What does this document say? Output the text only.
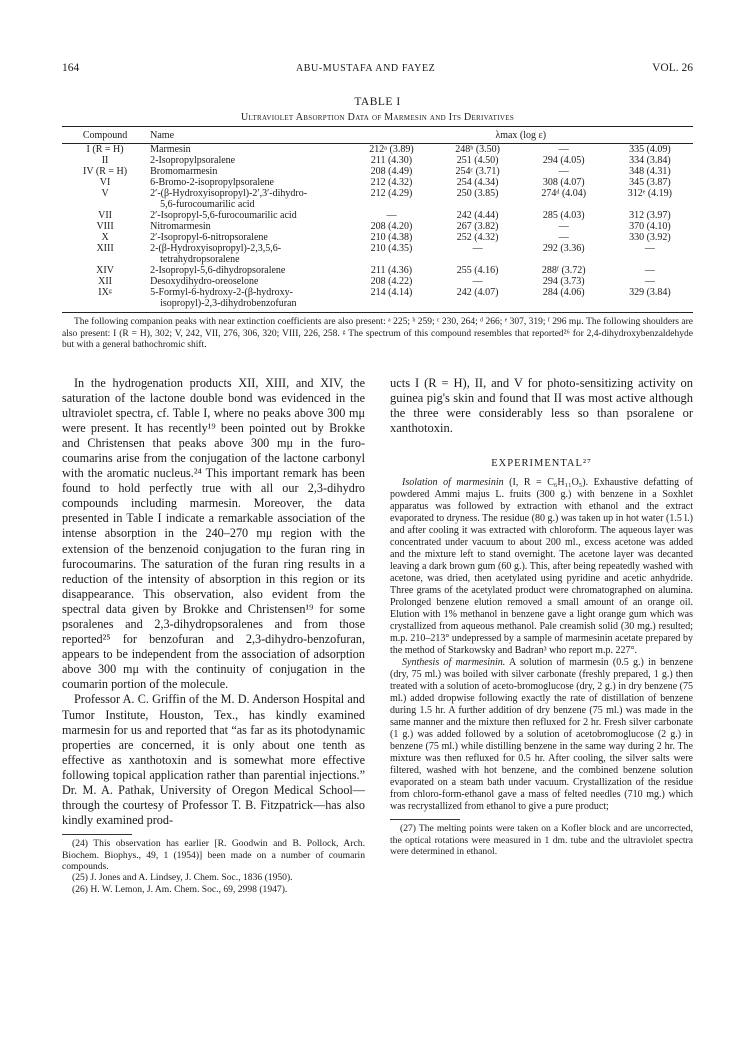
164	ABU-MUSTAFA AND FAYEZ	VOL. 26
TABLE I
Ultraviolet Absorption Data of Marmesin and Its Derivatives
Compound	Name	λmax (log ε)			
I (R = H)	Marmesin	212ᵃ (3.89)	248ᵇ (3.50)	—	335 (4.09)
II	2-Isopropylpsoralene	211 (4.30)	251 (4.50)	294 (4.05)	334 (3.84)
IV (R = H)	Bromomarmesin	208 (4.49)	254ᶜ (3.71)	—	348 (4.31)
VI	6-Bromo-2-isopropylpsoralene	212 (4.32)	254 (4.34)	308 (4.07)	345 (3.87)
V	2′-(β-Hydroxyisopropyl)-2′,3′-dihydro-
5,6-furocoumarilic acid	212 (4.29)	250 (3.85)	274ᵈ (4.04)	312ᵉ (4.19)
VII	2′-Isopropyl-5,6-furocoumarilic acid	—	242 (4.44)	285 (4.03)	312 (3.97)
VIII	Nitromarmesin	208 (4.20)	267 (3.82)	—	370 (4.10)
X	2′-Isopropyl-6-nitropsoralene	210 (4.38)	252 (4.32)	—	330 (3.92)
XIII	2-(β-Hydroxyisopropyl)-2,3,5,6-
tetrahydropsoralene	210 (4.35)	—	292 (3.36)	—
XIV	2-Isopropyl-5,6-dihydropsoralene	211 (4.36)	255 (4.16)	288ᶠ (3.72)	—
XII	Desoxydihydro-oreoselone	208 (4.22)	—	294 (3.73)	—
IXᵍ	5-Formyl-6-hydroxy-2-(β-hydroxy-
isopropyl)-2,3-dihydrobenzofuran	214 (4.14)	242 (4.07)	284 (4.06)	329 (3.84)
The following companion peaks with near extinction coefficients are also present: ᵃ 225; ᵇ 259; ᶜ 230, 264; ᵈ 266; ᵉ 307, 319; ᶠ 296 mμ. The following shoulders are also present: I (R = H), 302; V, 242, VII, 276, 306, 320; VIII, 226, 258. ᵍ The spectrum of this compound resembles that reported²⁶ for 2,4-dihydroxybenzaldehyde but with a general bathochromic shift.

In the hydrogenation products XII, XIII, and XIV, the saturation of the lactone double bond was evidenced in the ultraviolet spectra, cf. Table I, where no peaks above 300 mμ were present. It has recently¹⁹ been pointed out by Brokke and Christensen that peaks above 300 mμ in the furo-coumarins arise from the conjugation of the lactone carbonyl with the aromatic nucleus.²⁴ This important remark has been found to hold perfectly true with all our 2,3-dihydro compounds including marmesin. Moreover, the data presented in Table I indicate a remarkable association of the intense absorption in the 240–270 mμ region with the extension of the benzenoid conjugation to the furan ring in furocoumarins. The saturation of the furan ring results in a reduction of the intensity of absorption in this region or its disappearance. This observation, also evident from the spectral data given by Brokke and Christensen¹⁹ for some psoralenes and 2,3-dihydropsoralenes and from those reported²⁵ for benzofuran and 2,3-dihydro-benzofuran, appears to be independent from the association of adsorption above 300 mμ with the continuity of conjugation in the coumarin portion of the molecule.

Professor A. C. Griffin of the M. D. Anderson Hospital and Tumor Institute, Houston, Tex., has kindly examined marmesin for us and reported that “as far as its photodynamic properties are concerned, it is only about one tenth as effective as xanthotoxin and is somewhat more effective following topical application rather than parential injections.” Dr. M. A. Pathak, University of Oregon Medical School—through the courtesy of Professor T. B. Fitzpatrick—has also kindly examined prod-

(24) This observation has earlier [R. Goodwin and B. Pollock, Arch. Biochem. Biophys., 49, 1 (1954)] been made on a number of coumarin compounds.

(25) J. Jones and A. Lindsey, J. Chem. Soc., 1836 (1950).

(26) H. W. Lemon, J. Am. Chem. Soc., 69, 2998 (1947).

ucts I (R = H), II, and V for photo-sensitizing activity on guinea pig's skin and found that II was most active although the three were considerably less so than psoralene or xanthotoxin.

EXPERIMENTAL²⁷

Isolation of marmesinin (I, R = C₆H₁₁O₅). Exhaustive defatting of powdered Ammi majus L. fruits (300 g.) with benzene in a Soxhlet apparatus was followed by extraction with ethanol and the extract evaporated to dryness. The residue (80 g.) was taken up in hot water (1.5 l.) and after cooling it was extracted with chloroform. The aqueous layer was concentrated under vacuum to about 200 ml., excess acetone was added and the mixture left to stand overnight. The acetone layer was decanted leaving a dark brown gum (60 g.). This, after being repeatedly washed with acetone, was dried, then acetylated using pyridine and acetic anhydride. Three grams of the acetylated product were chromatographed on alumina. Prolonged benzene elution removed a small amount of an orange oil. Elution with 1% methanol in benzene gave a light orange gum which was crystallized from aqueous methanol. Pale creamish solid (30 mg.) resulted; m.p. 210–213° undepressed by a sample of marmesinin acetate prepared by the method of Starkowsky and Badran³ who report m.p. 227°.

Synthesis of marmesinin. A solution of marmesin (0.5 g.) in benzene (dry, 75 ml.) was boiled with silver carbonate (freshly prepared, 1 g.) then treated with a solution of aceto-bromoglucose (dry, 2 g.) in dry benzene (75 ml.) added dropwise following exactly the rate of distillation of benzene during 1.5 hr. A further addition of dry benzene (75 ml.) was made in the same manner and the mixture then refluxed for 2 hr. Fresh silver carbonate (1 g.) was added followed by a solution of acetobromoglucose (2 g.) in benzene (75 ml.) while distilling benzene in the same way during 2 hr. The mixture was then refluxed for 0.5 hr. After cooling, the silver salts were filtered, washed with hot benzene, and the combined benzene solution evaporated on a steam bath under vacuum. Crystallization of the residue from chloro-form-ethanol gave a mass of felted needles (710 mg.) which was recrystallized from ethanol to give a pure product;

(27) The melting points were taken on a Kofler block and are uncorrected, the optical rotations were measured in 1 dm. tube and the ultraviolet spectra were determined in ethanol.
